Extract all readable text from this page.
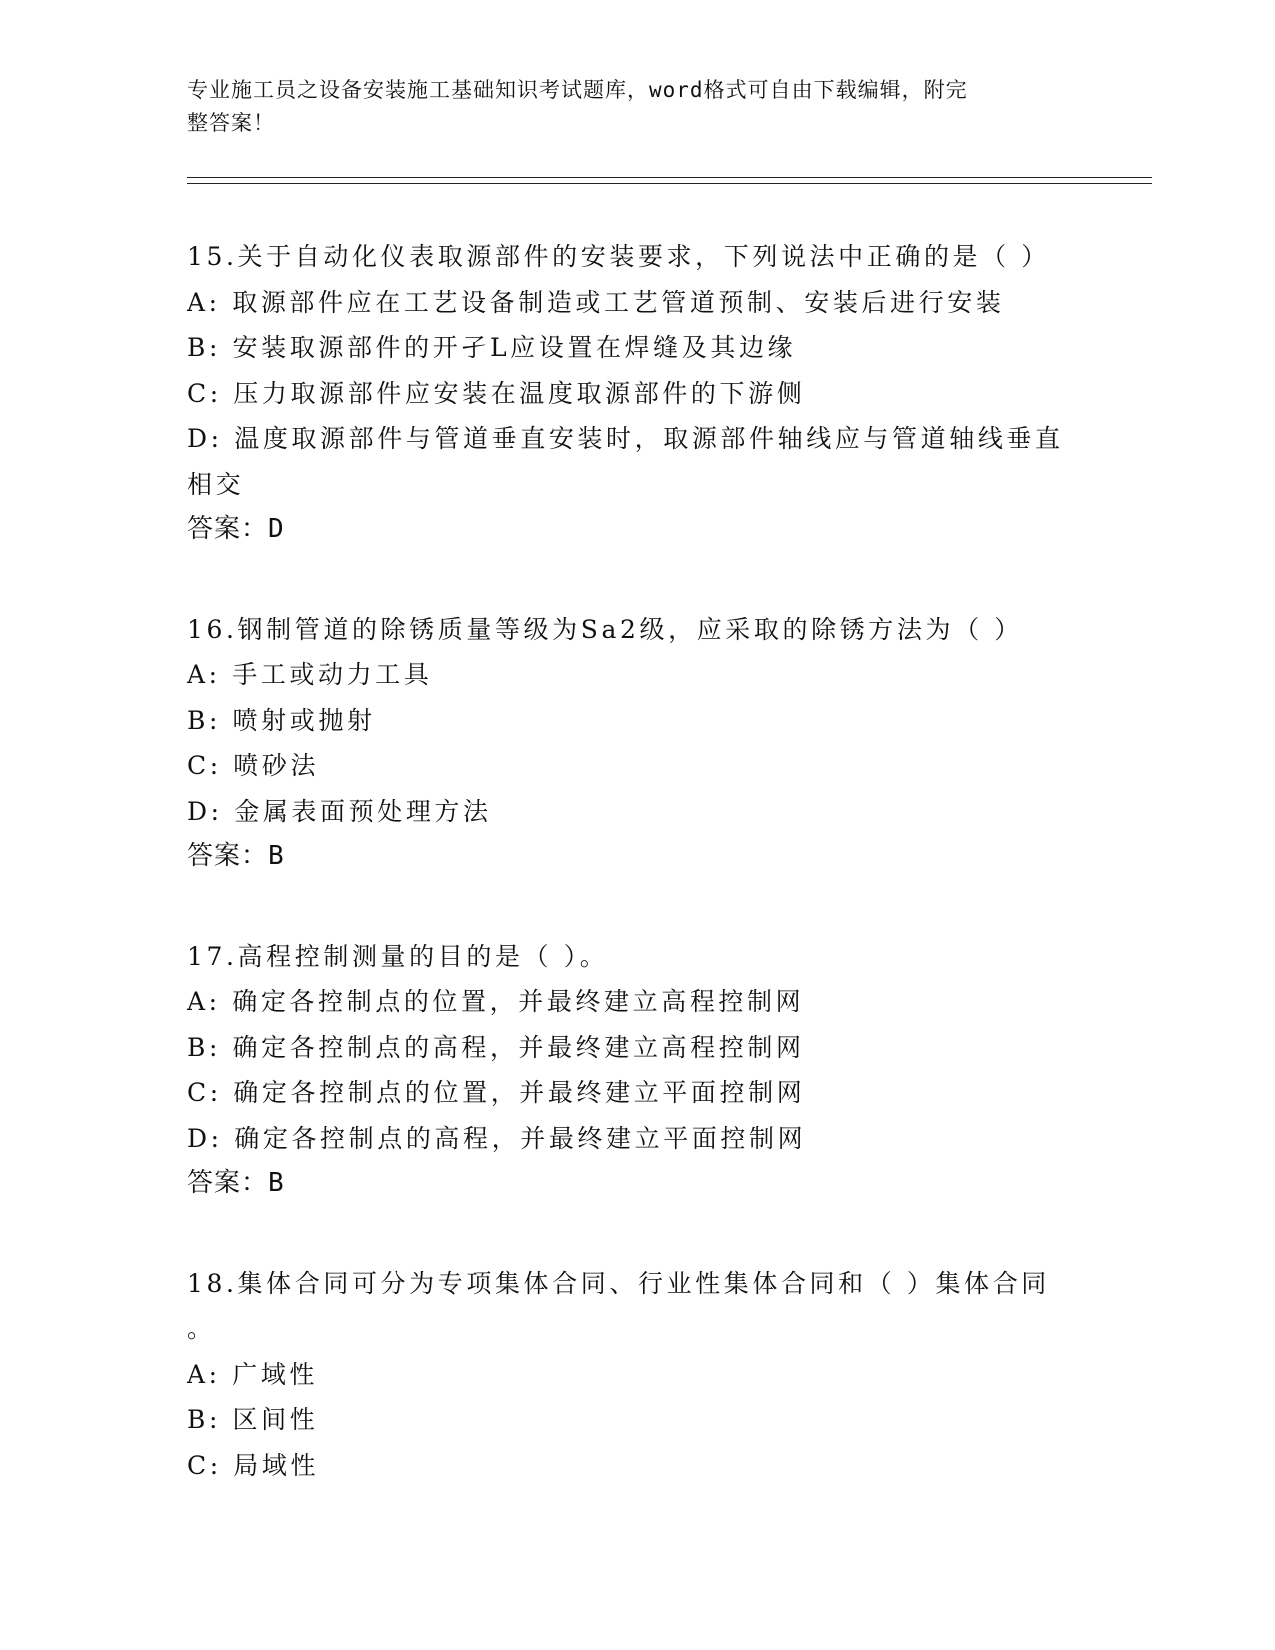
专业施工员之设备安装施工基础知识考试题库，word格式可自由下载编辑，附完
整答案！
15.关于自动化仪表取源部件的安装要求，下列说法中正确的是（ ）
A: 取源部件应在工艺设备制造或工艺管道预制、安装后进行安装
B: 安装取源部件的开孑L应设置在焊缝及其边缘
C: 压力取源部件应安装在温度取源部件的下游侧
D: 温度取源部件与管道垂直安装时，取源部件轴线应与管道轴线垂直
相交
答案：D
16.钢制管道的除锈质量等级为Sa2级，应采取的除锈方法为（ ）
A: 手工或动力工具
B: 喷射或抛射
C: 喷砂法
D: 金属表面预处理方法
答案：B
17.高程控制测量的目的是（ ）。
A: 确定各控制点的位置，并最终建立高程控制网
B: 确定各控制点的高程，并最终建立高程控制网
C: 确定各控制点的位置，并最终建立平面控制网
D: 确定各控制点的高程，并最终建立平面控制网
答案：B
18.集体合同可分为专项集体合同、行业性集体合同和（ ）集体合同
。
A: 广域性
B: 区间性
C: 局域性
